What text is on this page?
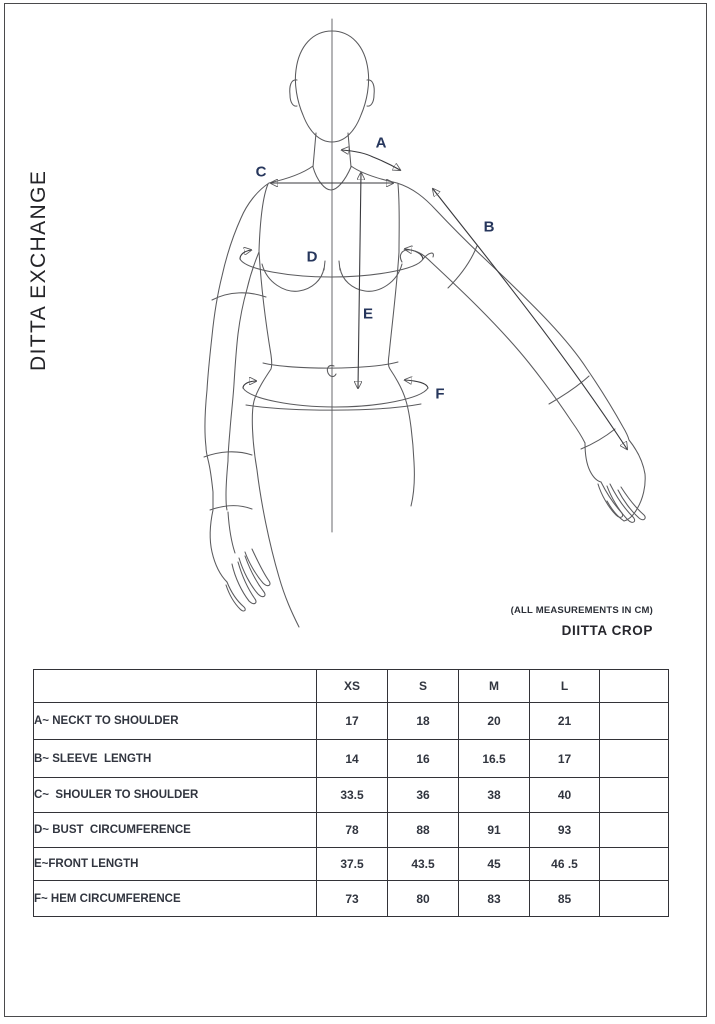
DITTA EXCHANGE
A
B
C
D
E
F
(ALL MEASUREMENTS IN CM)
DIITTA CROP
	XS	S	M	L	
A~ NECKT TO SHOULDER	17	18	20	21	
B~ SLEEVE  LENGTH	14	16	16.5	17	
C~  SHOULER TO SHOULDER	33.5	36	38	40	
D~ BUST  CIRCUMFERENCE	78	88	91	93	
E~FRONT LENGTH	37.5	43.5	45	46 .5	
F~ HEM CIRCUMFERENCE	73	80	83	85	
